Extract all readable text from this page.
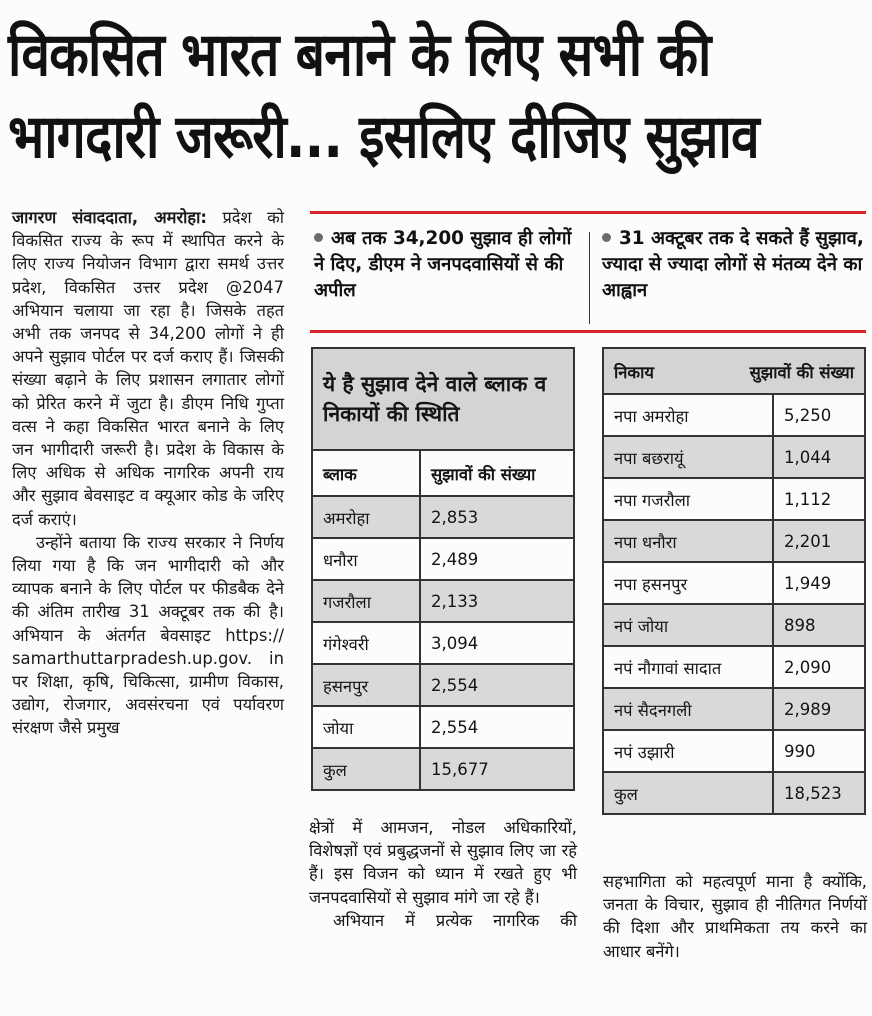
विकसित भारत बनाने के लिए सभी की
भागदारी जरूरी... इसलिए दीजिए सुझाव

जागरण संवाददाता, अमरोहा: प्रदेश को विकसित राज्य के रूप में स्थापित करने के लिए राज्य नियोजन विभाग द्वारा समर्थ उत्तर प्रदेश, विकसित उत्तर प्रदेश @2047 अभियान चलाया जा रहा है। जिसके तहत अभी तक जनपद से 34,200 लोगों ने ही अपने सुझाव पोर्टल पर दर्ज कराए हैं। जिसकी संख्या बढ़ाने के लिए प्रशासन लगातार लोगों को प्रेरित करने में जुटा है। डीएम निधि गुप्ता वत्स ने कहा विकसित भारत बनाने के लिए जन भागीदारी जरूरी है। प्रदेश के विकास के लिए अधिक से अधिक नागरिक अपनी राय और सुझाव बेवसाइट व क्यूआर कोड के जरिए दर्ज कराएं।

उन्होंने बताया कि राज्य सरकार ने निर्णय लिया गया है कि जन भागीदारी को और व्यापक बनाने के लिए पोर्टल पर फीडबैक देने की अंतिम तारीख 31 अक्टूबर तक की है। अभियान के अंतर्गत बेवसाइट https:// samarthuttarpradesh.up.gov. in पर शिक्षा, कृषि, चिकित्सा, ग्रामीण विकास, उद्योग, रोजगार, अवसंरचना एवं पर्यावरण संरक्षण जैसे प्रमुख

अब तक 34,200 सुझाव ही लोगों ने दिए, डीएम ने जनपदवासियों से की अपील
31 अक्टूबर तक दे सकते हैं सुझाव, ज्यादा से ज्यादा लोगों से मंतव्य देने का आह्वान
ये है सुझाव देने वाले ब्लाक व निकायों की स्थिति	
ब्लाक	सुझावों की संख्या
अमरोहा	2,853
धनौरा	2,489
गजरौला	2,133
गंगेश्वरी	3,094
हसनपुर	2,554
जोया	2,554
कुल	15,677
निकाय सुझावों की संख्या	

नपा अमरोहा	5,250
नपा बछरायूं	1,044
नपा गजरौला	1,112
नपा धनौरा	2,201
नपा हसनपुर	1,949
नपं जोया	898
नपं नौगावां सादात	2,090
नपं सैदनगली	2,989
नपं उझारी	990
कुल	18,523

क्षेत्रों में आमजन, नोडल अधिकारियों, विशेषज्ञों एवं प्रबुद्धजनों से सुझाव लिए जा रहे हैं। इस विजन को ध्यान में रखते हुए भी जनपदवासियों से सुझाव मांगे जा रहे हैं।

अभियान में प्रत्येक नागरिक की

सहभागिता को महत्वपूर्ण माना है क्योंकि, जनता के विचार, सुझाव ही नीतिगत निर्णयों की दिशा और प्राथमिकता तय करने का आधार बनेंगे।
